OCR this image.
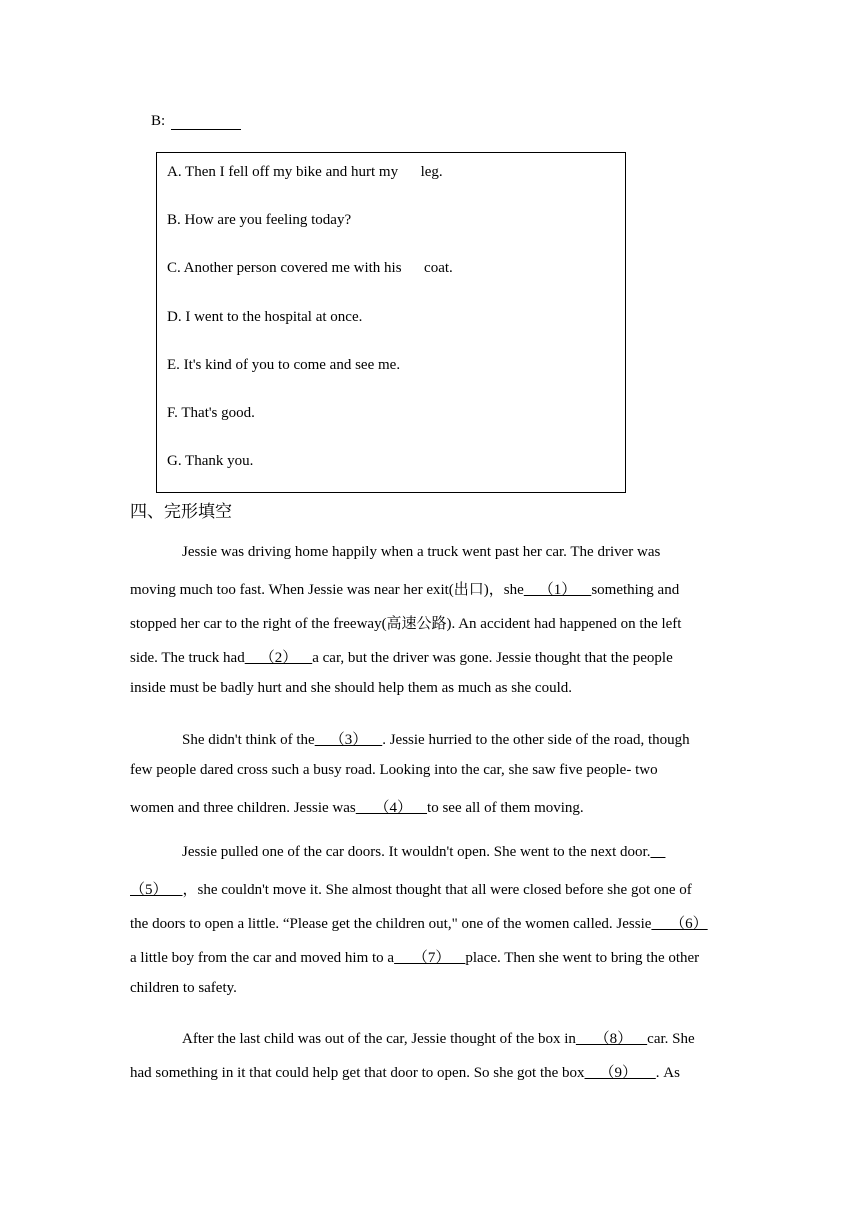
B:
A. Then I fell off my bike and hurt my      leg.
B. How are you feeling today?
C. Another person covered me with his      coat.
D. I went to the hospital at once.
E. It's kind of you to come and see me.
F. That's good.
G. Thank you.
四、完形填空
Jessie was driving home happily when a truck went past her car. The driver was
moving much too fast. When Jessie was near her exit(出口)，she    （1）    something and
stopped her car to the right of the freeway(高速公路). An accident had happened on the left
side. The truck had    （2）    a car, but the driver was gone. Jessie thought that the people
inside must be badly hurt and she should help them as much as she could.
She didn't think of the    （3）    . Jessie hurried to the other side of the road, though
few people dared cross such a busy road. Looking into the car, she saw five people- two
women and three children. Jessie was     （4）    to see all of them moving.
Jessie pulled one of the car doors. It wouldn't open. She went to the next door.
（5）    ，she couldn't move it. She almost thought that all were closed before she got one of
the doors to open a little. “Please get the children out," one of the women called. Jessie     （6）
a little boy from the car and moved him to a     （7）    place. Then she went to bring the other
children to safety.
After the last child was out of the car, Jessie thought of the box in     （8）    car. She
had something in it that could help get that door to open. So she got the box    （9）     . As
